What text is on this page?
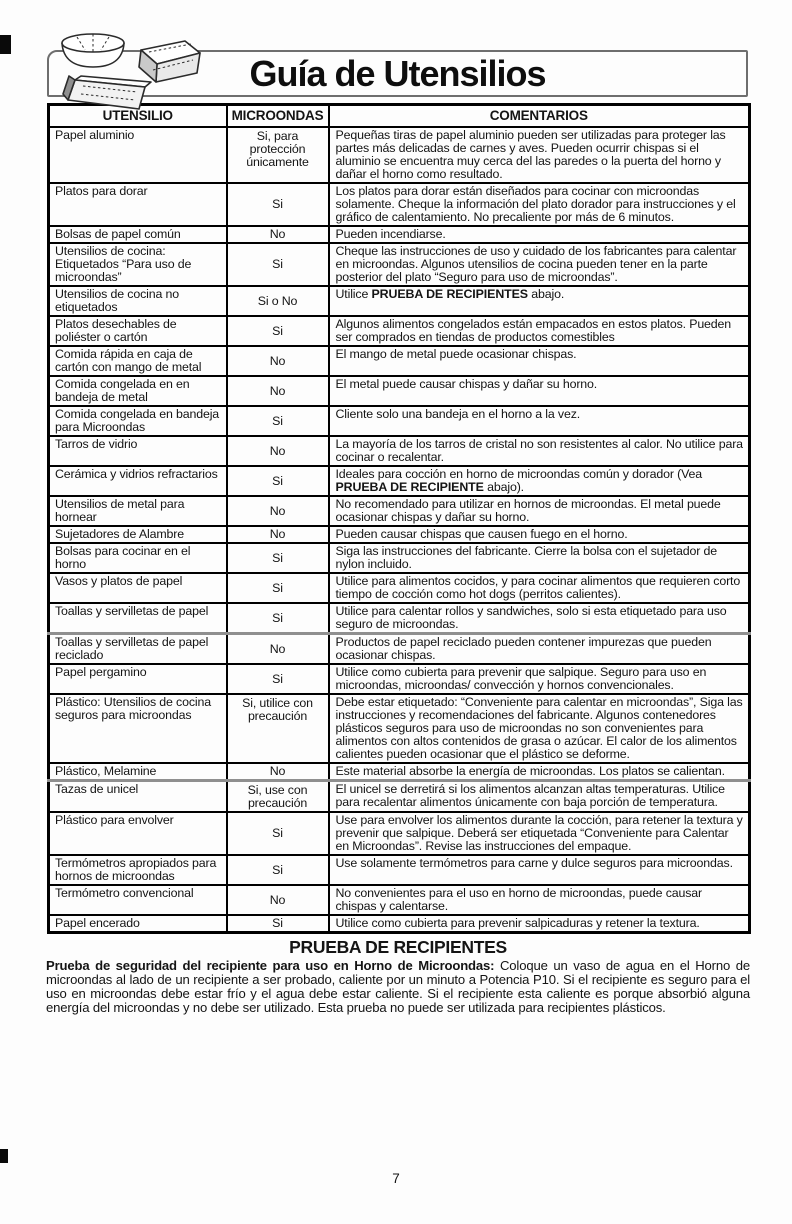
Guía de Utensilios
UTENSILIO	MICROONDAS	COMENTARIOS
Papel aluminio	Si, para protección únicamente	Pequeñas tiras de papel aluminio pueden ser utilizadas para proteger las partes más delicadas de carnes y aves. Pueden ocurrir chispas si el aluminio se encuentra muy cerca del las paredes o la puerta del horno y dañar el horno como resultado.
Platos para dorar	Si	Los platos para dorar están diseñados para cocinar con microondas solamente. Cheque la información del plato dorador para instrucciones y el gráfico de calentamiento. No precaliente por más de 6 minutos.
Bolsas de papel común	No	Pueden incendiarse.
Utensilios de cocina: Etiquetados “Para uso de microondas”	Si	Cheque las instrucciones de uso y cuidado de los fabricantes para calentar en microondas. Algunos utensilios de cocina pueden tener en la parte posterior del plato “Seguro para uso de microondas”.
Utensilios de cocina no etiquetados	Si o No	Utilice PRUEBA DE RECIPIENTES abajo.
Platos desechables de poliéster o cartón	Si	Algunos alimentos congelados están empacados en estos platos. Pueden ser comprados en tiendas de productos comestibles
Comida rápida en caja de cartón con mango de metal	No	El mango de metal puede ocasionar chispas.
Comida congelada en en bandeja de metal	No	El metal puede causar chispas y dañar su horno.
Comida congelada en bandeja para Microondas	Si	Cliente solo una bandeja en el horno a la vez.
Tarros de vidrio	No	La mayoría de los tarros de cristal no son resistentes al calor. No utilice para cocinar o recalentar.
Cerámica y vidrios refractarios	Si	Ideales para cocción en horno de microondas común y dorador (Vea PRUEBA DE RECIPIENTE abajo).
Utensilios de metal para hornear	No	No recomendado para utilizar en hornos de microondas. El metal puede ocasionar chispas y dañar su horno.
Sujetadores de Alambre	No	Pueden causar chispas que causen fuego en el horno.
Bolsas para cocinar en el horno	Si	Siga las instrucciones del fabricante. Cierre la bolsa con el sujetador de nylon incluido.
Vasos y platos de papel	Si	Utilice para alimentos cocidos, y para cocinar alimentos que requieren corto tiempo de cocción como hot dogs (perritos calientes).
Toallas y servilletas de papel	Si	Utilice para calentar rollos y sandwiches, solo si esta etiquetado para uso seguro de microondas.
Toallas y servilletas de papel reciclado	No	Productos de papel reciclado pueden contener impurezas que pueden ocasionar chispas.
Papel pergamino	Si	Utilice como cubierta para prevenir que salpique. Seguro para uso en microondas, microondas/ convección y hornos convencionales.
Plástico: Utensilios de cocina seguros para microondas	Si, utilice con precaución	Debe estar etiquetado: “Conveniente para calentar en microondas”, Siga las instrucciones y recomendaciones del fabricante. Algunos contenedores plásticos seguros para uso de microondas no son convenientes para alimentos con altos contenidos de grasa o azúcar. El calor de los alimentos calientes pueden ocasionar que el plástico se deforme.
Plástico, Melamine	No	Este material absorbe la energía de microondas. Los platos se calientan.
Tazas de unicel	Si, use con precaución	El unicel se derretirá si los alimentos alcanzan altas temperaturas. Utilice para recalentar alimentos únicamente con baja porción de temperatura.
Plástico para envolver	Si	Use para envolver los alimentos durante la cocción, para retener la textura y prevenir que salpique. Deberá ser etiquetada “Conveniente para Calentar en Microondas”. Revise las instrucciones del empaque.
Termómetros apropiados para hornos de microondas	Si	Use solamente termómetros para carne y dulce seguros para microondas.
Termómetro convencional	No	No convenientes para el uso en horno de microondas, puede causar chispas y calentarse.
Papel encerado	Si	Utilice como cubierta para prevenir salpicaduras y retener la textura.
PRUEBA DE RECIPIENTES

Prueba de seguridad del recipiente para uso en Horno de Microondas: Coloque un vaso de agua en el Horno de microondas al lado de un recipiente a ser probado, caliente por un minuto a Potencia P10. Si el recipiente es seguro para el uso en microondas debe estar frío y el agua debe estar caliente. Si el recipiente esta caliente es porque absorbió alguna energía del microondas y no debe ser utilizado. Esta prueba no puede ser utilizada para recipientes plásticos.

7
